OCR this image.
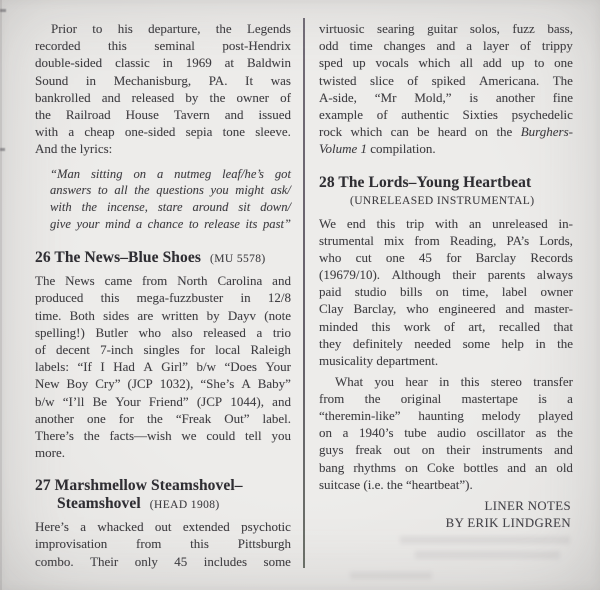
Prior to his departure, the Legends
recorded this seminal post-Hendrix
double-sided classic in 1969 at Baldwin
Sound in Mechanisburg, PA. It was
bankrolled and released by the owner of
the Railroad House Tavern and issued
with a cheap one-sided sepia tone sleeve.
And the lyrics:
“Man sitting on a nutmeg leaf/he’s got
answers to all the questions you might ask/
with the incense, stare around sit down/
give your mind a chance to release its past”
26 The News–Blue Shoes (MU 5578)
The News came from North Carolina and
produced this mega-fuzzbuster in 12/8
time. Both sides are written by Dayv (note
spelling!) Butler who also released a trio
of decent 7-inch singles for local Raleigh
labels: “If I Had A Girl” b/w “Does Your
New Boy Cry” (JCP 1032), “She’s A Baby”
b/w “I’ll Be Your Friend” (JCP 1044), and
another one for the “Freak Out” label.
There’s the facts—wish we could tell you
more.
27 Marshmellow Steamshovel–
Steamshovel (HEAD 1908)
Here’s a whacked out extended psychotic
improvisation from this Pittsburgh
combo. Their only 45 includes some
virtuosic searing guitar solos, fuzz bass,
odd time changes and a layer of trippy
sped up vocals which all add up to one
twisted slice of spiked Americana. The
A-side, “Mr Mold,” is another fine
example of authentic Sixties psychedelic
rock which can be heard on the Burghers-
Volume 1 compilation.
28 The Lords–Young Heartbeat
(UNRELEASED INSTRUMENTAL)
We end this trip with an unreleased in-
strumental mix from Reading, PA’s Lords,
who cut one 45 for Barclay Records
(19679/10). Although their parents always
paid studio bills on time, label owner
Clay Barclay, who engineered and master-
minded this work of art, recalled that
they definitely needed some help in the
musicality department.
What you hear in this stereo transfer
from the original mastertape is a
“theremin-like” haunting melody played
on a 1940’s tube audio oscillator as the
guys freak out on their instruments and
bang rhythms on Coke bottles and an old
suitcase (i.e. the “heartbeat”).
LINER NOTES
BY ERIK LINDGREN
